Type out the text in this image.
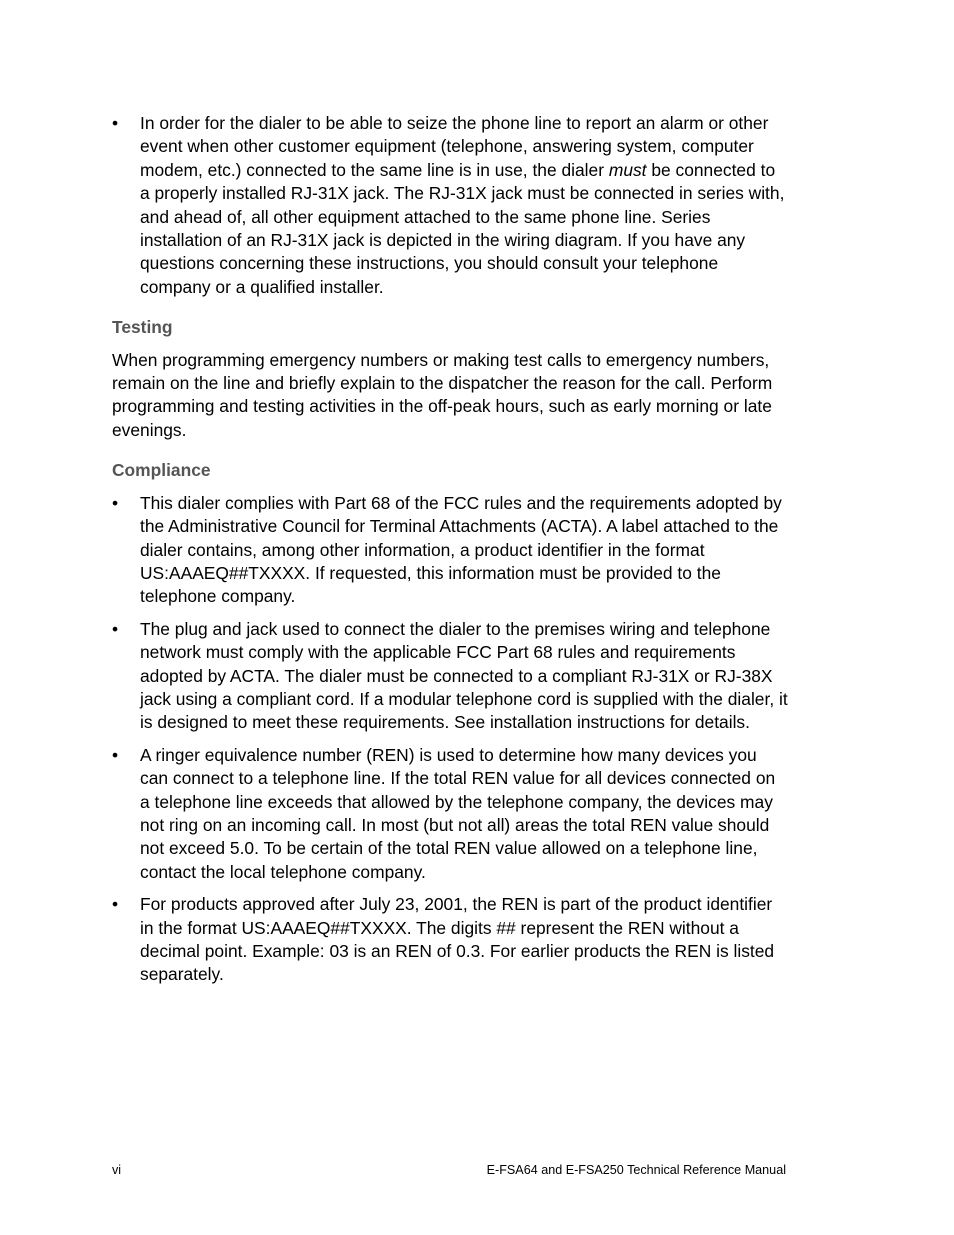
• In order for the dialer to be able to seize the phone line to report an alarm or other event when other customer equipment (telephone, answering system, computer modem, etc.) connected to the same line is in use, the dialer must be connected to a properly installed RJ-31X jack. The RJ-31X jack must be connected in series with, and ahead of, all other equipment attached to the same phone line. Series installation of an RJ-31X jack is depicted in the wiring diagram. If you have any questions concerning these instructions, you should consult your telephone company or a qualified installer.
Testing
When programming emergency numbers or making test calls to emergency numbers, remain on the line and briefly explain to the dispatcher the reason for the call. Perform programming and testing activities in the off-peak hours, such as early morning or late evenings.
Compliance
• This dialer complies with Part 68 of the FCC rules and the requirements adopted by the Administrative Council for Terminal Attachments (ACTA). A label attached to the dialer contains, among other information, a product identifier in the format US:AAAEQ##TXXXX. If requested, this information must be provided to the telephone company.
• The plug and jack used to connect the dialer to the premises wiring and telephone network must comply with the applicable FCC Part 68 rules and requirements adopted by ACTA. The dialer must be connected to a compliant RJ-31X or RJ-38X jack using a compliant cord. If a modular telephone cord is supplied with the dialer, it is designed to meet these requirements. See installation instructions for details.
• A ringer equivalence number (REN) is used to determine how many devices you can connect to a telephone line. If the total REN value for all devices connected on a telephone line exceeds that allowed by the telephone company, the devices may not ring on an incoming call. In most (but not all) areas the total REN value should not exceed 5.0. To be certain of the total REN value allowed on a telephone line, contact the local telephone company.
• For products approved after July 23, 2001, the REN is part of the product identifier in the format US:AAAEQ##TXXXX. The digits ## represent the REN without a decimal point. Example: 03 is an REN of 0.3. For earlier products the REN is listed separately.
vi	E-FSA64 and E-FSA250 Technical Reference Manual
